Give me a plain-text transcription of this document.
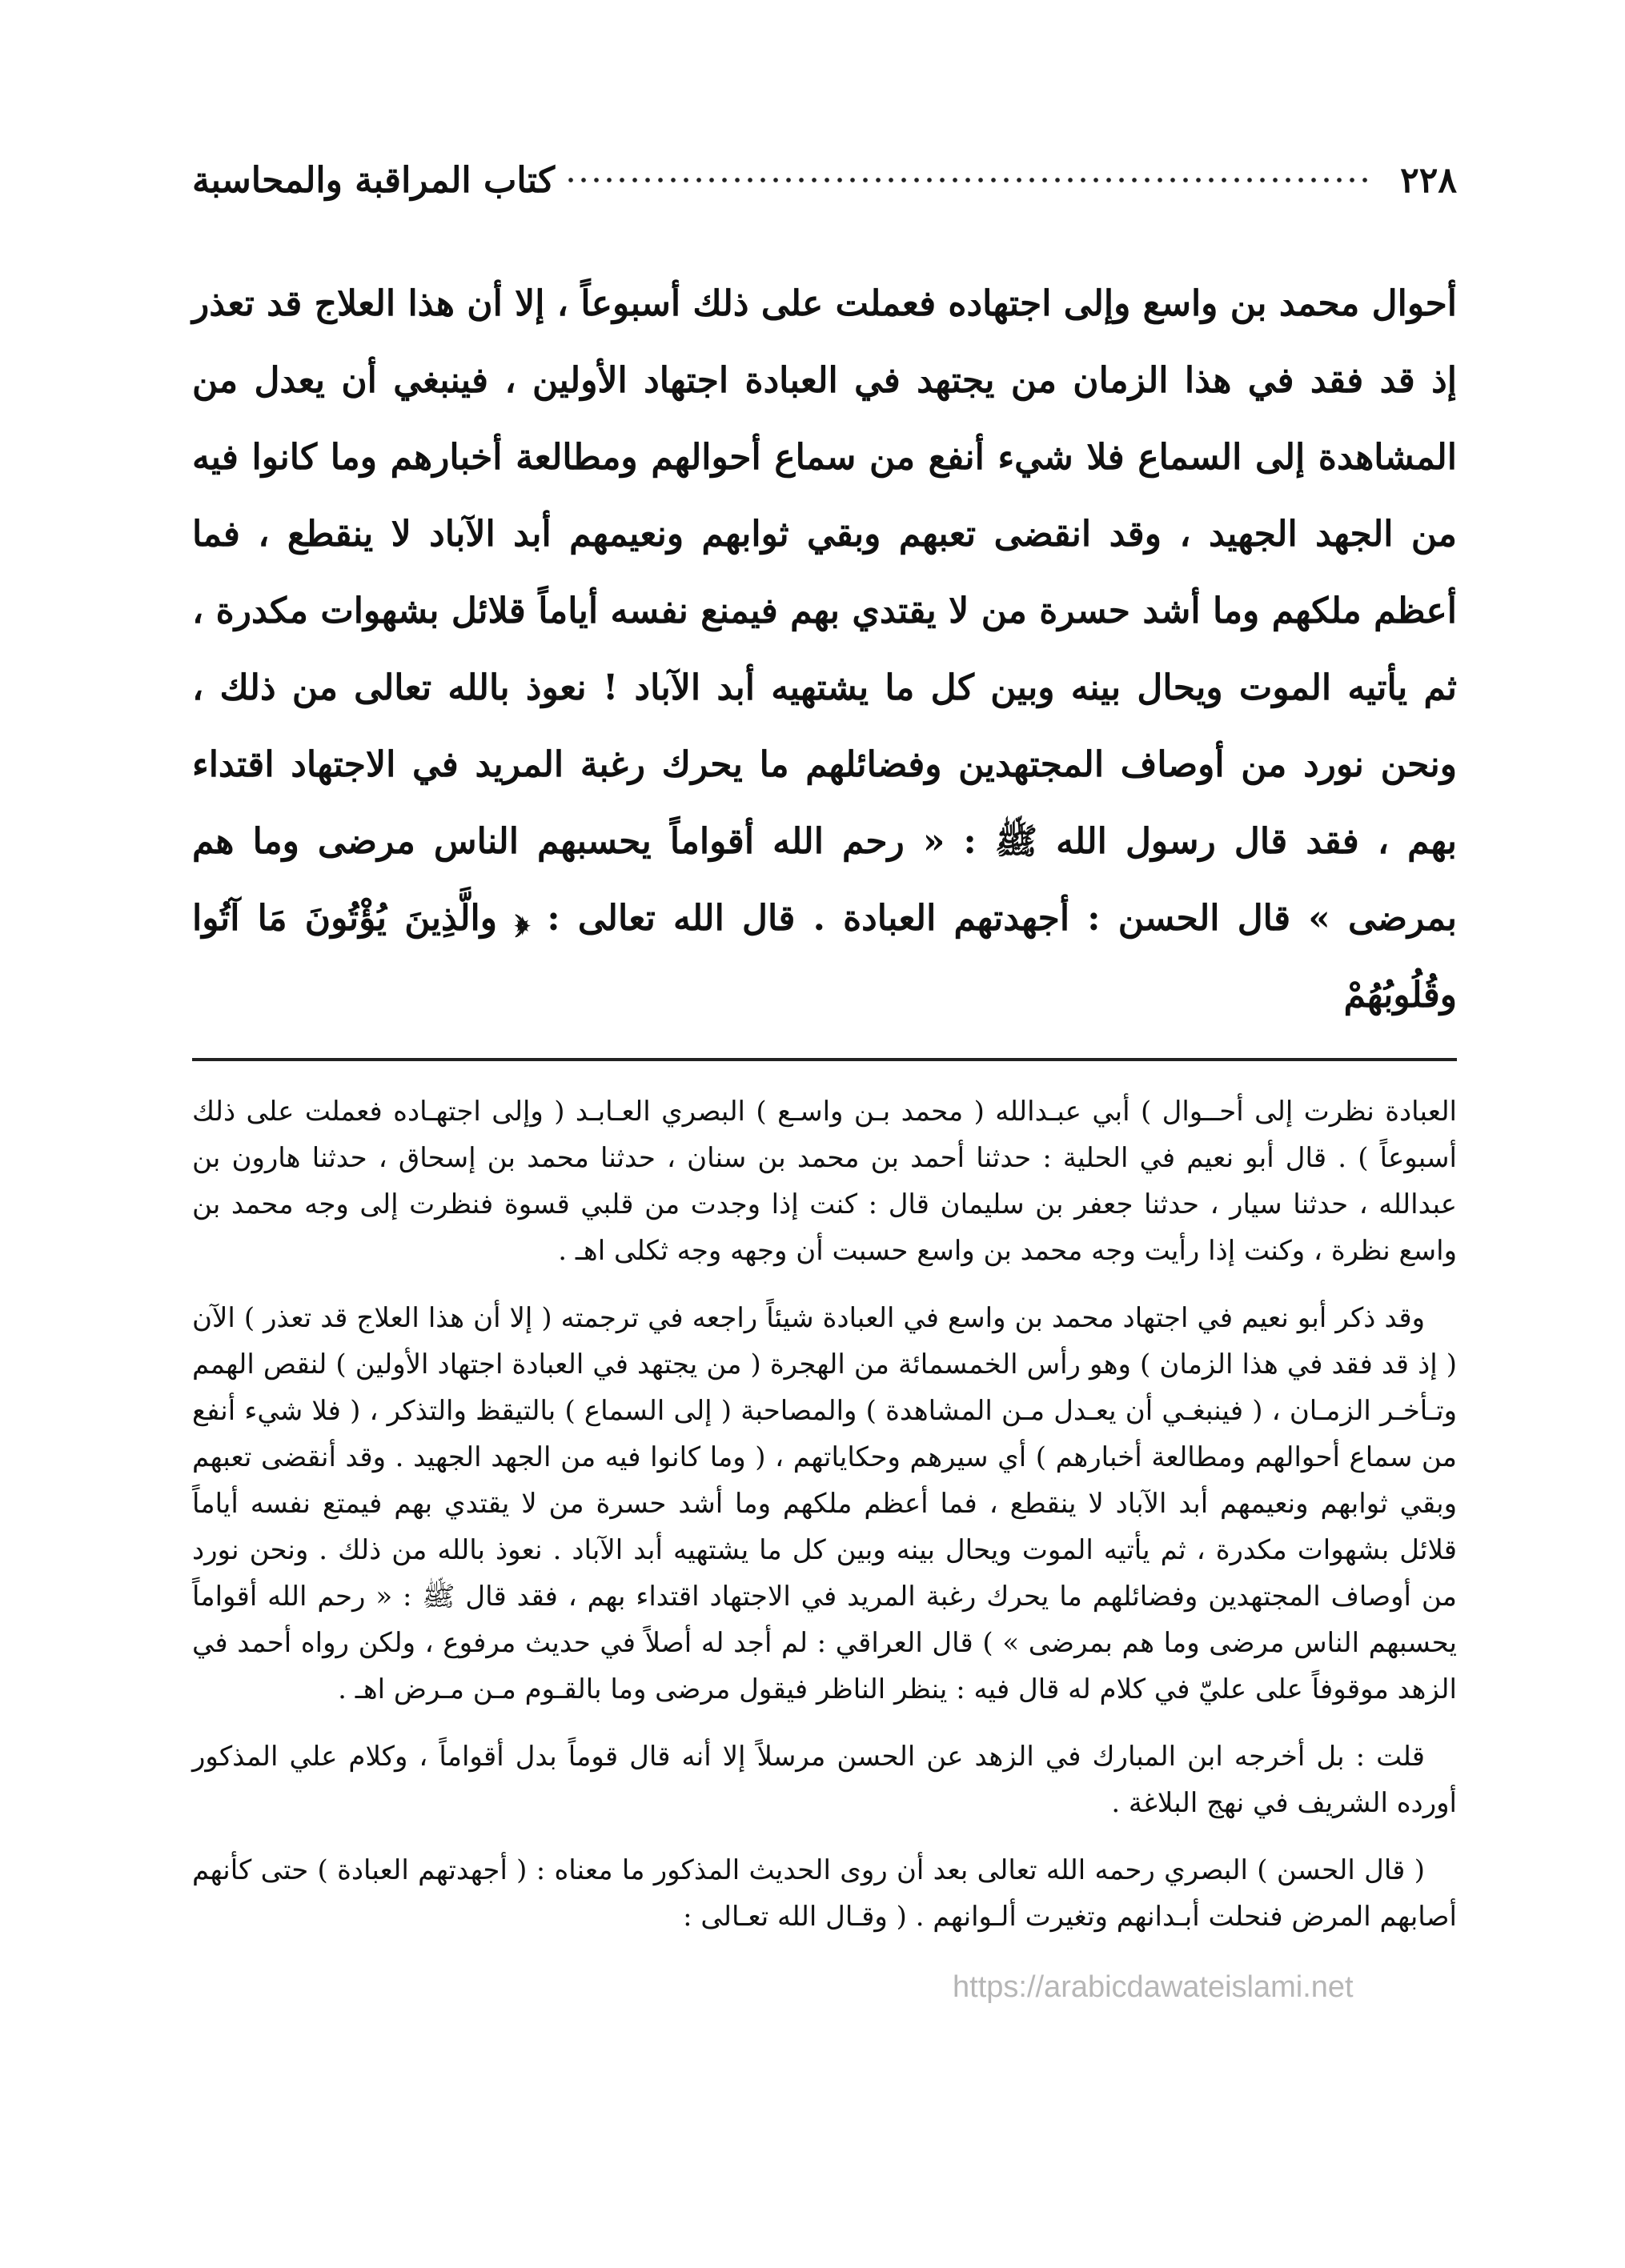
٢٢٨
كتاب المراقبة والمحاسبة

أحوال محمد بن واسع وإلى اجتهاده فعملت على ذلك أسبوعاً ، إلا أن هذا العلاج قد تعذر إذ قد فقد في هذا الزمان من يجتهد في العبادة اجتهاد الأولين ، فينبغي أن يعدل من المشاهدة إلى السماع فلا شيء أنفع من سماع أحوالهم ومطالعة أخبارهم وما كانوا فيه من الجهد الجهيد ، وقد انقضى تعبهم وبقي ثوابهم ونعيمهم أبد الآباد لا ينقطع ، فما أعظم ملكهم وما أشد حسرة من لا يقتدي بهم فيمنع نفسه أياماً قلائل بشهوات مكدرة ، ثم يأتيه الموت ويحال بينه وبين كل ما يشتهيه أبد الآباد ! نعوذ بالله تعالى من ذلك ، ونحن نورد من أوصاف المجتهدين وفضائلهم ما يحرك رغبة المريد في الاجتهاد اقتداء بهم ، فقد قال رسول الله ﷺ : « رحم الله أقواماً يحسبهم الناس مرضى وما هم بمرضى » قال الحسن : أجهدتهم العبادة . قال الله تعالى : ﴿ والَّذِينَ يُؤْتُونَ مَا آتُوا وقُلُوبُهُمْ

العبادة نظرت إلى أحــوال ) أبي عبـدالله ( محمد بـن واسـع ) البصري العـابـد ( وإلى اجتهـاده فعملت على ذلك أسبوعاً ) . قال أبو نعيم في الحلية : حدثنا أحمد بن محمد بن سنان ، حدثنا محمد بن إسحاق ، حدثنا هارون بن عبدالله ، حدثنا سيار ، حدثنا جعفر بن سليمان قال : كنت إذا وجدت من قلبي قسوة فنظرت إلى وجه محمد بن واسع نظرة ، وكنت إذا رأيت وجه محمد بن واسع حسبت أن وجهه وجه ثكلى اهـ .

وقد ذكر أبو نعيم في اجتهاد محمد بن واسع في العبادة شيئاً راجعه في ترجمته ( إلا أن هذا العلاج قد تعذر ) الآن ( إذ قد فقد في هذا الزمان ) وهو رأس الخمسمائة من الهجرة ( من يجتهد في العبادة اجتهاد الأولين ) لنقص الهمم وتـأخـر الزمـان ، ( فينبغـي أن يعـدل مـن المشاهدة ) والمصاحبة ( إلى السماع ) بالتيقظ والتذكر ، ( فلا شيء أنفع من سماع أحوالهم ومطالعة أخبارهم ) أي سيرهم وحكاياتهم ، ( وما كانوا فيه من الجهد الجهيد . وقد أنقضى تعبهم وبقي ثوابهم ونعيمهم أبد الآباد لا ينقطع ، فما أعظم ملكهم وما أشد حسرة من لا يقتدي بهم فيمتع نفسه أياماً قلائل بشهوات مكدرة ، ثم يأتيه الموت ويحال بينه وبين كل ما يشتهيه أبد الآباد . نعوذ بالله من ذلك . ونحن نورد من أوصاف المجتهدين وفضائلهم ما يحرك رغبة المريد في الاجتهاد اقتداء بهم ، فقد قال ﷺ : « رحم الله أقواماً يحسبهم الناس مرضى وما هم بمرضى » ) قال العراقي : لم أجد له أصلاً في حديث مرفوع ، ولكن رواه أحمد في الزهد موقوفاً على عليّ في كلام له قال فيه : ينظر الناظر فيقول مرضى وما بالقـوم مـن مـرض اهـ .

قلت : بل أخرجه ابن المبارك في الزهد عن الحسن مرسلاً إلا أنه قال قوماً بدل أقواماً ، وكلام علي المذكور أورده الشريف في نهج البلاغة .

( قال الحسن ) البصري رحمه الله تعالى بعد أن روى الحديث المذكور ما معناه : ( أجهدتهم العبادة ) حتى كأنهم أصابهم المرض فنحلت أبـدانهم وتغيرت ألـوانهم . ( وقـال الله تعـالى :

https://arabicdawateislami.net
